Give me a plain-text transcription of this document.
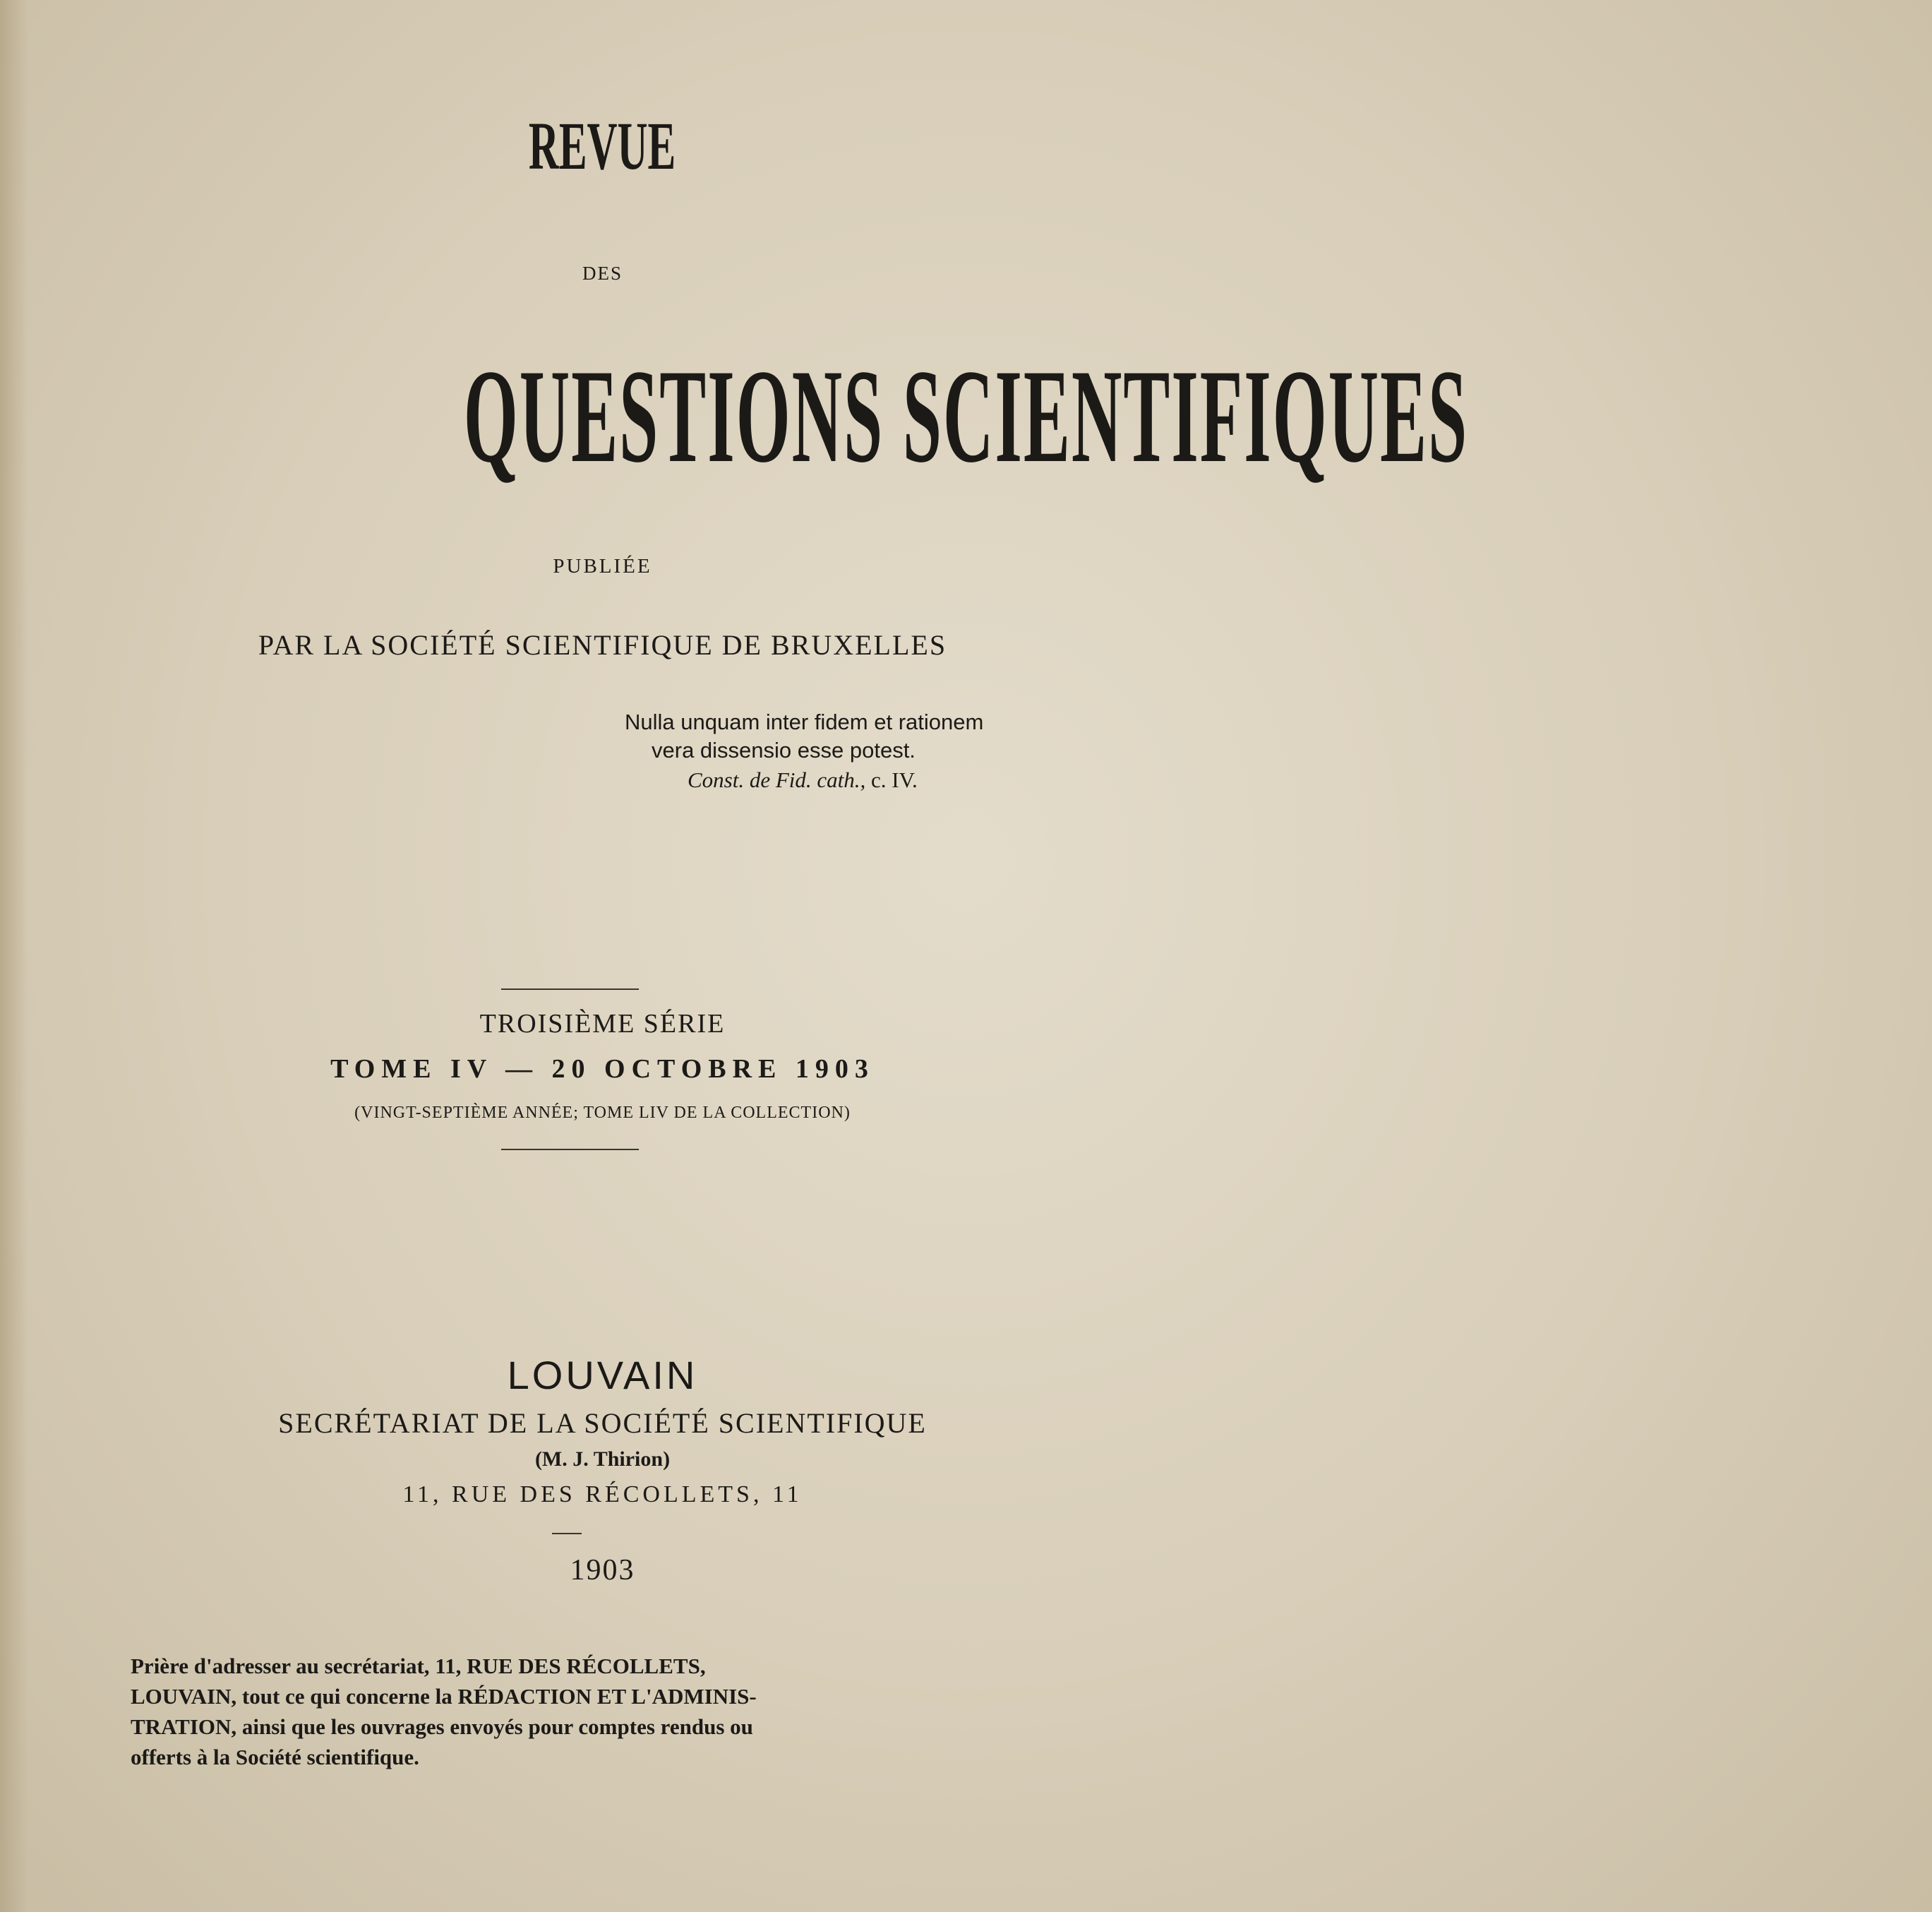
REVUE
DES
QUESTIONS SCIENTIFIQUES
PUBLIÉE
PAR LA SOCIÉTÉ SCIENTIFIQUE DE BRUXELLES
Nulla unquam inter fidem et rationem
vera dissensio esse potest.
Const. de Fid. cath., c. IV.
TROISIÈME SÉRIE
TOME IV — 20 OCTOBRE 1903
(VINGT-SEPTIÈME ANNÉE; TOME LIV DE LA COLLECTION)
LOUVAIN
SECRÉTARIAT DE LA SOCIÉTÉ SCIENTIFIQUE
(M. J. Thirion)
11, RUE DES RÉCOLLETS, 11
1903
Prière d'adresser au secrétariat, 11, RUE DES RÉCOLLETS,
LOUVAIN, tout ce qui concerne la RÉDACTION ET L'ADMINIS-
TRATION, ainsi que les ouvrages envoyés pour comptes rendus ou
offerts à la Société scientifique.
